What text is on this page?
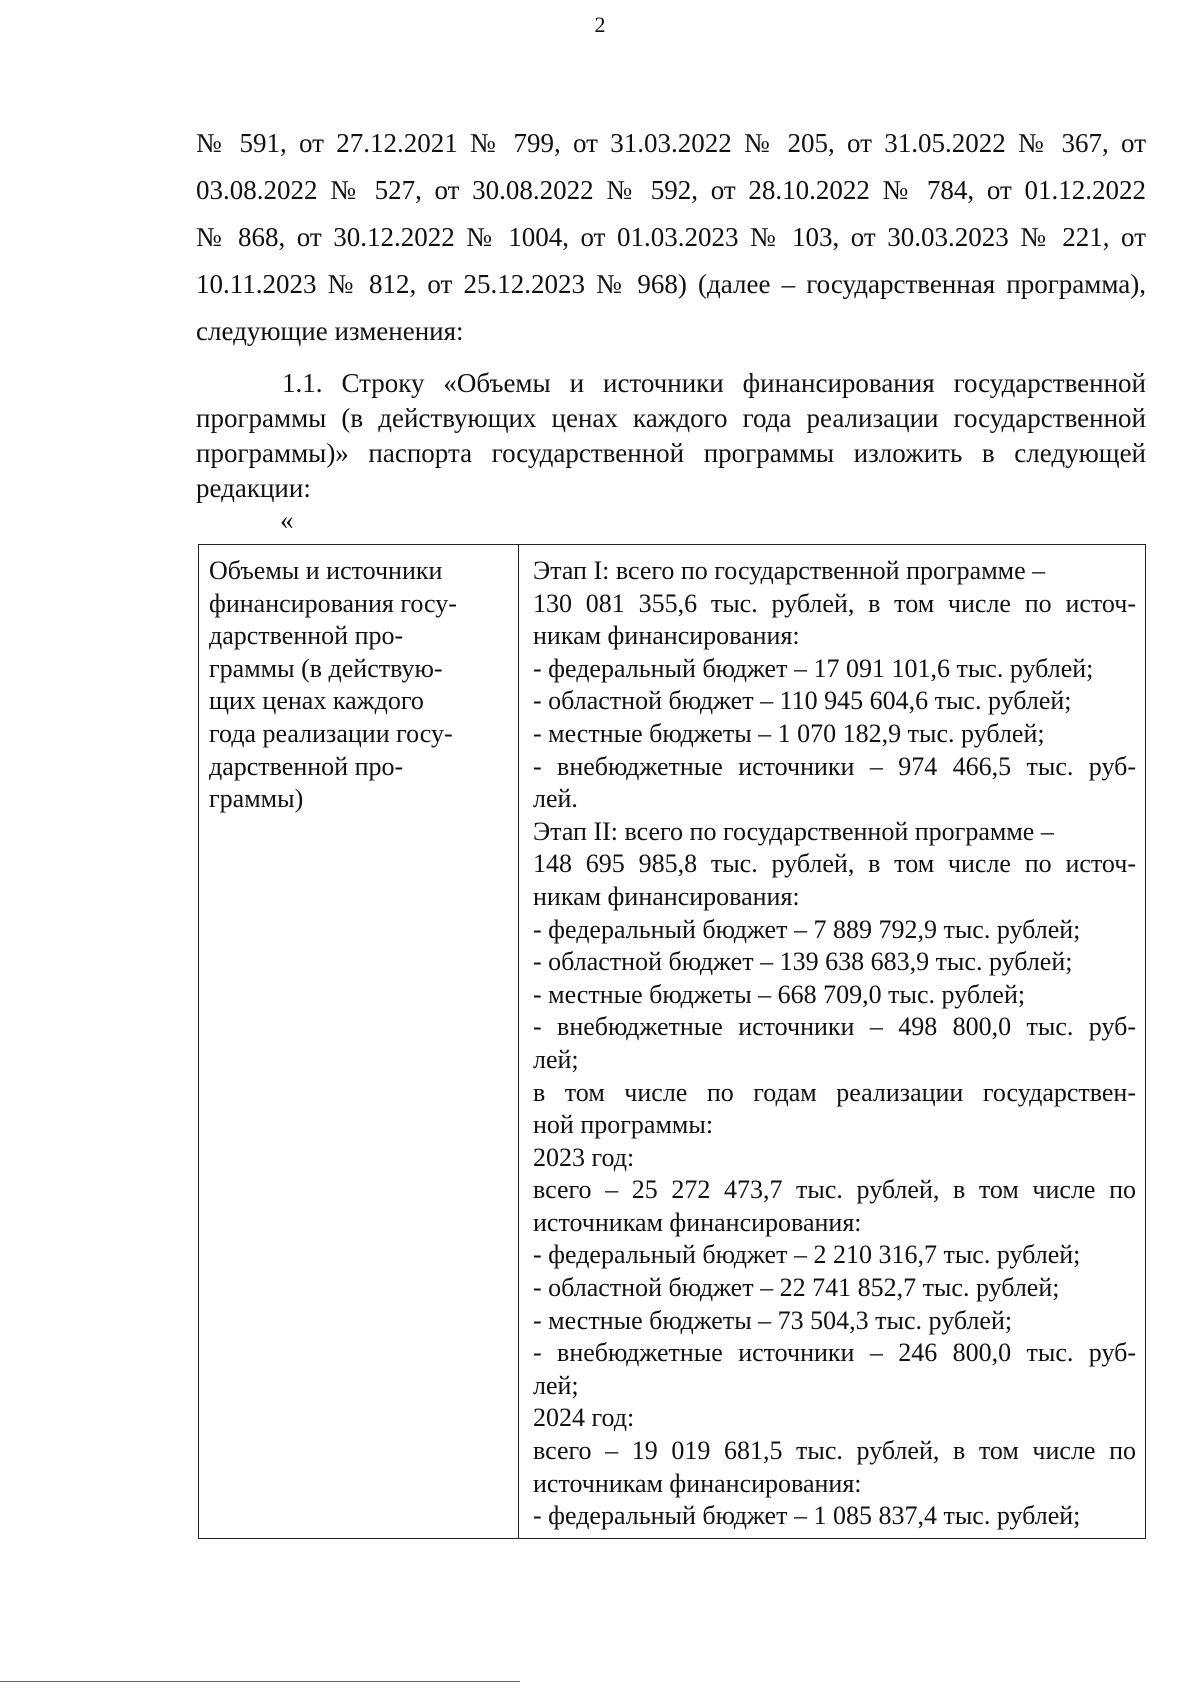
2
№ 591, от 27.12.2021 № 799, от 31.03.2022 № 205, от 31.05.2022 № 367, от
03.08.2022 № 527, от 30.08.2022 № 592, от 28.10.2022 № 784, от 01.12.2022
№ 868, от 30.12.2022 № 1004, от 01.03.2023 № 103, от 30.03.2023 № 221, от
10.11.2023 № 812, от 25.12.2023 № 968) (далее – государственная программа),
следующие изменения:
1.1. Строку «Объемы и источники финансирования государственной
программы (в действующих ценах каждого года реализации государственной
программы)» паспорта государственной программы изложить в следующей
редакции:
«
Объемы и источники
финансирования госу-
дарственной про-
граммы (в действую-
щих ценах каждого
года реализации госу-
дарственной про-
граммы)
Этап I: всего по государственной программе –
130 081 355,6 тыс. рублей, в том числе по источ-
никам финансирования:
- федеральный бюджет – 17 091 101,6 тыс. рублей;
- областной бюджет – 110 945 604,6 тыс. рублей;
- местные бюджеты – 1 070 182,9 тыс. рублей;
- внебюджетные источники – 974 466,5 тыс. руб-
лей.
Этап II: всего по государственной программе –
148 695 985,8 тыс. рублей, в том числе по источ-
никам финансирования:
- федеральный бюджет – 7 889 792,9 тыс. рублей;
- областной бюджет – 139 638 683,9 тыс. рублей;
- местные бюджеты – 668 709,0 тыс. рублей;
- внебюджетные источники – 498 800,0 тыс. руб-
лей;
в том числе по годам реализации государствен-
ной программы:
2023 год:
всего – 25 272 473,7 тыс. рублей, в том числе по
источникам финансирования:
- федеральный бюджет – 2 210 316,7 тыс. рублей;
- областной бюджет – 22 741 852,7 тыс. рублей;
- местные бюджеты – 73 504,3 тыс. рублей;
- внебюджетные источники – 246 800,0 тыс. руб-
лей;
2024 год:
всего – 19 019 681,5 тыс. рублей, в том числе по
источникам финансирования:
- федеральный бюджет – 1 085 837,4 тыс. рублей;
